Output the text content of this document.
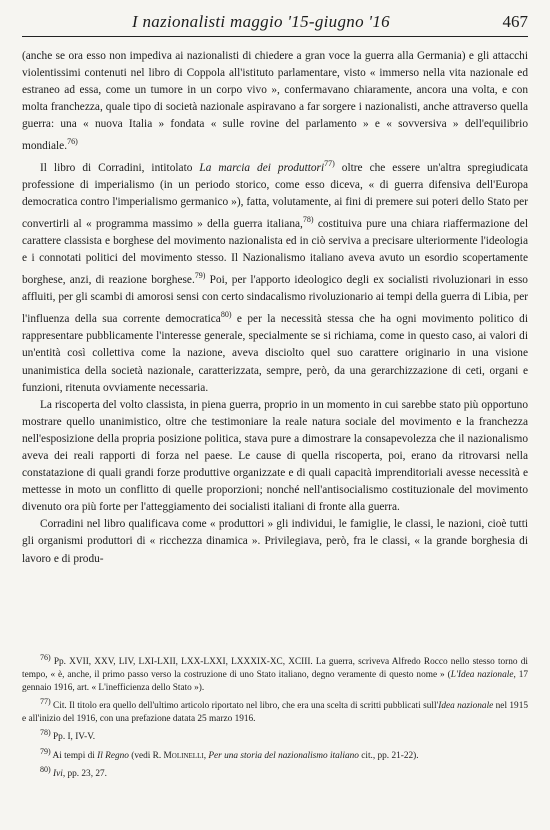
I nazionalisti maggio '15-giugno '16	467

(anche se ora esso non impediva ai nazionalisti di chiedere a gran voce la guerra alla Germania) e gli attacchi violentissimi contenuti nel libro di Coppola all'istituto parlamentare, visto « immerso nella vita nazionale ed estraneo ad essa, come un tumore in un corpo vivo », confermavano chiaramente, ancora una volta, e con molta franchezza, quale tipo di società nazionale aspiravano a far sorgere i nazionalisti, anche attraverso quella guerra: una « nuova Italia » fondata « sulle rovine del parlamento » e « sovversiva » dell'equilibrio mondiale.$^{76)}$

Il libro di Corradini, intitolato La marcia dei produttori$^{77)}$ oltre che essere un'altra spregiudicata professione di imperialismo (in un periodo storico, come esso diceva, « di guerra difensiva dell'Europa democratica contro l'imperialismo germanico »), fatta, volutamente, ai fini di premere sui poteri dello Stato per convertirli al « programma massimo » della guerra italiana,$^{78)}$ costituiva pure una chiara riaffermazione del carattere classista e borghese del movimento nazionalista ed in ciò serviva a precisare ulteriormente l'ideologia e i connotati politici del movimento stesso. Il Nazionalismo italiano aveva avuto un esordio scopertamente borghese, anzi, di reazione borghese.$^{79)}$ Poi, per l'apporto ideologico degli ex socialisti rivoluzionari in esso affluiti, per gli scambi di amorosi sensi con certo sindacalismo rivoluzionario ai tempi della guerra di Libia, per l'influenza della sua corrente democratica$^{80)}$ e per la necessità stessa che ha ogni movimento politico di rappresentare pubblicamente l'interesse generale, specialmente se si richiama, come in questo caso, ai valori di un'entità così collettiva come la nazione, aveva disciolto quel suo carattere originario in una visione unanimistica della società nazionale, caratterizzata, sempre, però, da una gerarchizzazione di ceti, organi e funzioni, ritenuta ovviamente necessaria.

La riscoperta del volto classista, in piena guerra, proprio in un momento in cui sarebbe stato più opportuno mostrare quello unanimistico, oltre che testimoniare la reale natura sociale del movimento e la franchezza nell'esposizione della propria posizione politica, stava pure a dimostrare la consapevolezza che il nazionalismo aveva dei reali rapporti di forza nel paese. Le cause di quella riscoperta, poi, erano da ritrovarsi nella constatazione di quali grandi forze produttive organizzate e di quali capacità imprenditoriali avesse necessità e mettesse in moto un conflitto di quelle proporzioni; nonché nell'antisocialismo costituzionale del movimento divenuto ora più forte per l'atteggiamento dei socialisti italiani di fronte alla guerra.

Corradini nel libro qualificava come « produttori » gli individui, le famiglie, le classi, le nazioni, cioè tutti gli organismi produttori di « ricchezza dinamica ». Privilegiava, però, fra le classi, « la grande borghesia di lavoro e di produ-

$^{76)}$ Pp. XVII, XXV, LIV, LXI-LXII, LXX-LXXI, LXXXIX-XC, XCIII. La guerra, scriveva Alfredo Rocco nello stesso torno di tempo, « è, anche, il primo passo verso la costruzione di uno Stato italiano, degno veramente di questo nome » (L'Idea nazionale, 17 gennaio 1916, art. « L'inefficienza dello Stato »).

$^{77)}$ Cit. Il titolo era quello dell'ultimo articolo riportato nel libro, che era una scelta di scritti pubblicati sull'Idea nazionale nel 1915 e all'inizio del 1916, con una prefazione datata 25 marzo 1916.

$^{78)}$ Pp. I, IV-V.

$^{79)}$ Ai tempi di Il Regno (vedi R. Molinelli, Per una storia del nazionalismo italiano cit., pp. 21-22).

$^{80)}$ Ivi, pp. 23, 27.
